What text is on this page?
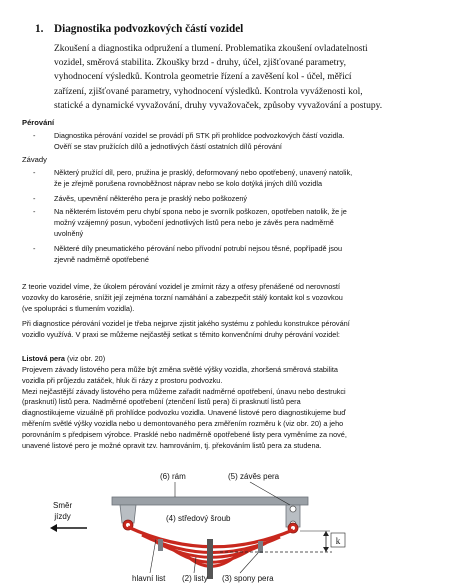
1. Diagnostika podvozkových částí vozidel
Zkoušení a diagnostika odpružení a tlumení. Problematika zkoušení ovladatelnosti
vozidel, směrová stabilita. Zkoušky brzd - druhy, účel, zjišťované parametry,
vyhodnocení výsledků. Kontrola geometrie řízení a zavěšení kol - účel, měřicí
zařízení, zjišťované parametry, vyhodnocení výsledků. Kontrola vyváženosti kol,
statické a dynamické vyvažování, druhy vyvažovaček, způsoby vyvažování a postupy.
Pérování
-	Diagnostika pérování vozidel se provádí při STK při prohlídce podvozkových částí vozidla.
Ověří se stav pružících dílů a jednotlivých částí ostatních dílů pérování
Závady
-	Některý pružící díl, pero, pružina je prasklý, deformovaný nebo opotřebený, unavený natolik,
že je zřejmě porušena rovnoběžnost náprav nebo se kolo dotýká jiných dílů vozidla
-	Závěs, upevnění některého pera je prasklý nebo poškozený
-	Na některém listovém peru chybí spona nebo je svorník poškozen, opotřeben natolik, že je
možný vzájemný posun, vybočení jednotlivých listů pera nebo je závěs pera nadměrně
uvolněný
-	Některé díly pneumatického pérování nebo přívodní potrubí nejsou těsné, popřípadě jsou
zjevně nadměrně opotřebené
Z teorie vozidel víme, že úkolem pérování vozidel je zmírnit rázy a otřesy přenášené od nerovností
vozovky do karosérie, snížit její zejména torzní namáhání a zabezpečit stálý kontakt kol s vozovkou
(ve spolupráci s tlumením vozidla).
Při diagnostice pérování vozidel je třeba nejprve zjistit jakého systému z pohledu konstrukce pérování
vozidlo využívá. V praxi se můžeme nejčastěji setkat s těmito konvenčními druhy pérování vozidel:
Listová pera (viz obr. 20)
Projevem závady listového pera může být změna světlé výšky vozidla, zhoršená směrová stabilita
vozidla při průjezdu zatáček, hluk či rázy z prostoru podvozku.
Mezi nejčastější závady listového pera můžeme zařadit nadměrné opotřebení, únavu nebo destrukci
(prasknutí) listů pera. Nadměrné opotřebení (ztenčení listů pera) či prasknutí listů pera
diagnostikujeme vizuálně při prohlídce podvozku vozidla. Unavené listové pero diagnostikujeme buď
měřením světlé výšky vozidla nebo u demontovaného pera změřením rozměru k (viz obr. 20) a jeho
porovnáním s předpisem výrobce. Prasklé nebo nadměrně opotřebené listy pera vyměníme za nové,
unavené listové pero je možné opravit tzv. hamrováním, tj. překováním listů pera za studena.
Směr
jízdy
k
(6) rám	(5) závěs pera
(4) středový šroub
hlavní list (2) listy (3) spony pera
